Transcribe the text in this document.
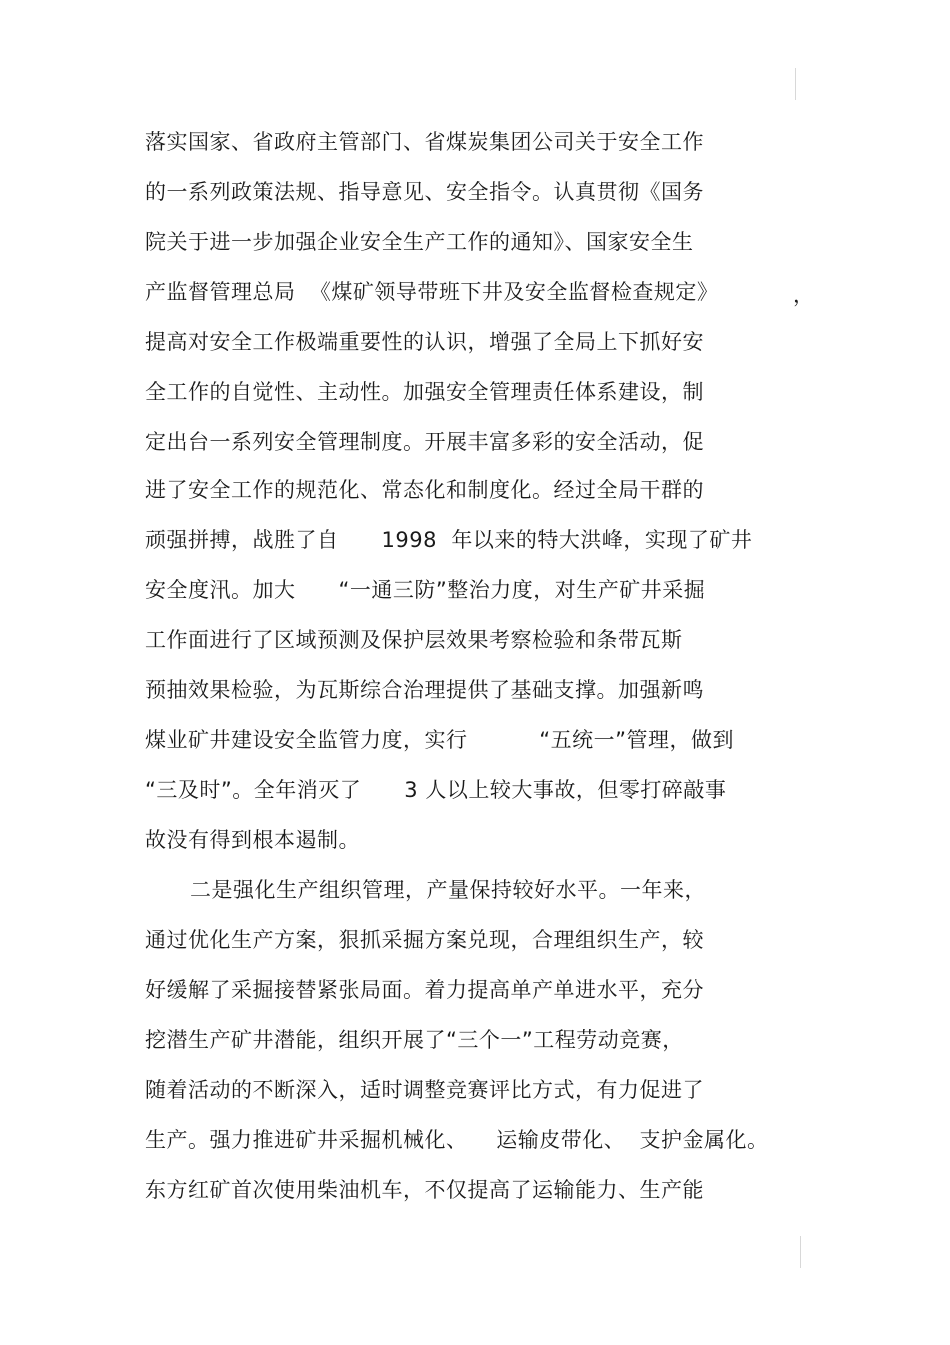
落实国家、省政府主管部门、省煤炭集团公司关于安全工作
的一系列政策法规、指导意见、安全指令。认真贯彻《国务
院关于进一步加强企业安全生产工作的通知》、国家安全生
产监督管理总局  《煤矿领导带班下井及安全监督检查规定》	，
提高对安全工作极端重要性的认识，增强了全局上下抓好安
全工作的自觉性、主动性。加强安全管理责任体系建设，制
定出台一系列安全管理制度。开展丰富多彩的安全活动，促
进了安全工作的规范化、常态化和制度化。经过全局干群的
顽强拼搏，战胜了自      1998  年以来的特大洪峰，实现了矿井
安全度汛。加大      “一通三防”整治力度，对生产矿井采掘
工作面进行了区域预测及保护层效果考察检验和条带瓦斯
预抽效果检验，为瓦斯综合治理提供了基础支撑。加强新鸣
煤业矿井建设安全监管力度，实行          “五统一”管理，做到
“三及时”。全年消灭了      3 人以上较大事故，但零打碎敲事
故没有得到根本遏制。
二是强化生产组织管理，产量保持较好水平。一年来，
通过优化生产方案，狠抓采掘方案兑现，合理组织生产，较
好缓解了采掘接替紧张局面。着力提高单产单进水平，充分
挖潜生产矿井潜能，组织开展了“三个一”工程劳动竞赛，
随着活动的不断深入，适时调整竞赛评比方式，有力促进了
生产。强力推进矿井采掘机械化、    运输皮带化、  支护金属化。
东方红矿首次使用柴油机车，不仅提高了运输能力、生产能
